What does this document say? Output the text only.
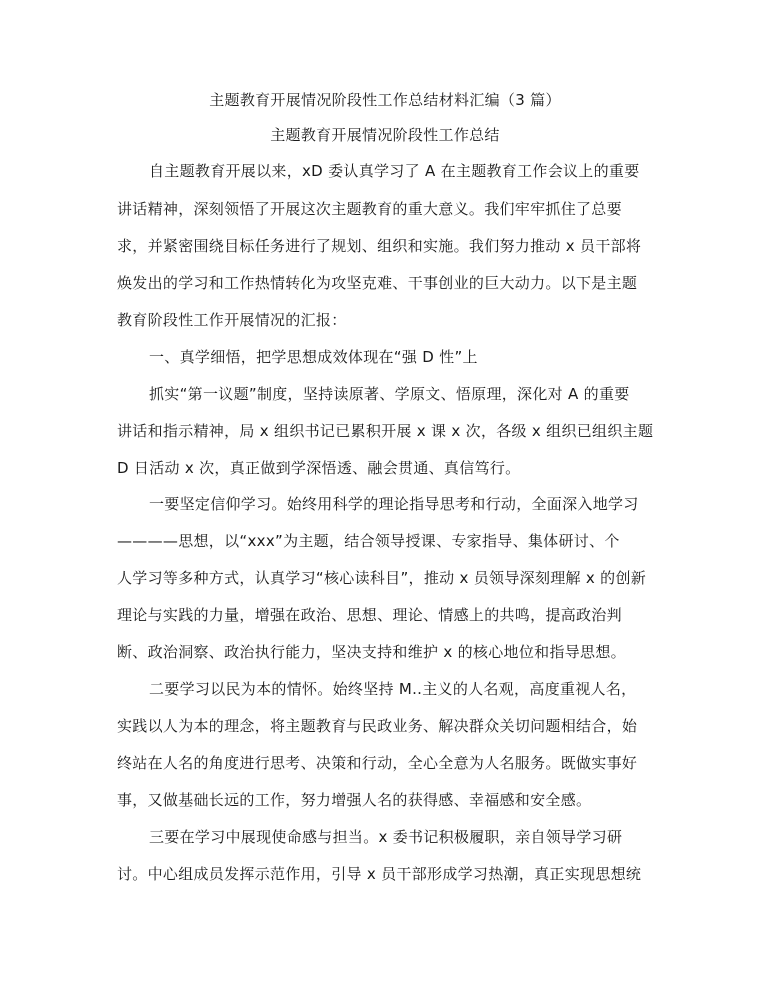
主题教育开展情况阶段性工作总结材料汇编（3 篇）
主题教育开展情况阶段性工作总结
自主题教育开展以来，xD 委认真学习了 A 在主题教育工作会议上的重要
讲话精神，深刻领悟了开展这次主题教育的重大意义。我们牢牢抓住了总要
求，并紧密围绕目标任务进行了规划、组织和实施。我们努力推动 x 员干部将
焕发出的学习和工作热情转化为攻坚克难、干事创业的巨大动力。以下是主题
教育阶段性工作开展情况的汇报：
一、真学细悟，把学思想成效体现在“强 D 性”上
抓实“第一议题”制度，坚持读原著、学原文、悟原理，深化对 A 的重要
讲话和指示精神，局 x 组织书记已累积开展 x 课 x 次，各级 x 组织已组织主题
D 日活动 x 次，真正做到学深悟透、融会贯通、真信笃行。
一要坚定信仰学习。始终用科学的理论指导思考和行动，全面深入地学习
————思想，以“xxx”为主题，结合领导授课、专家指导、集体研讨、个
人学习等多种方式，认真学习“核心读科目”，推动 x 员领导深刻理解 x 的创新
理论与实践的力量，增强在政治、思想、理论、情感上的共鸣，提高政治判
断、政治洞察、政治执行能力，坚决支持和维护 x 的核心地位和指导思想。
二要学习以民为本的情怀。始终坚持 M..主义的人名观，高度重视人名，
实践以人为本的理念，将主题教育与民政业务、解决群众关切问题相结合，始
终站在人名的角度进行思考、决策和行动，全心全意为人名服务。既做实事好
事，又做基础长远的工作，努力增强人名的获得感、幸福感和安全感。
三要在学习中展现使命感与担当。x 委书记积极履职，亲自领导学习研
讨。中心组成员发挥示范作用，引导 x 员干部形成学习热潮，真正实现思想统
